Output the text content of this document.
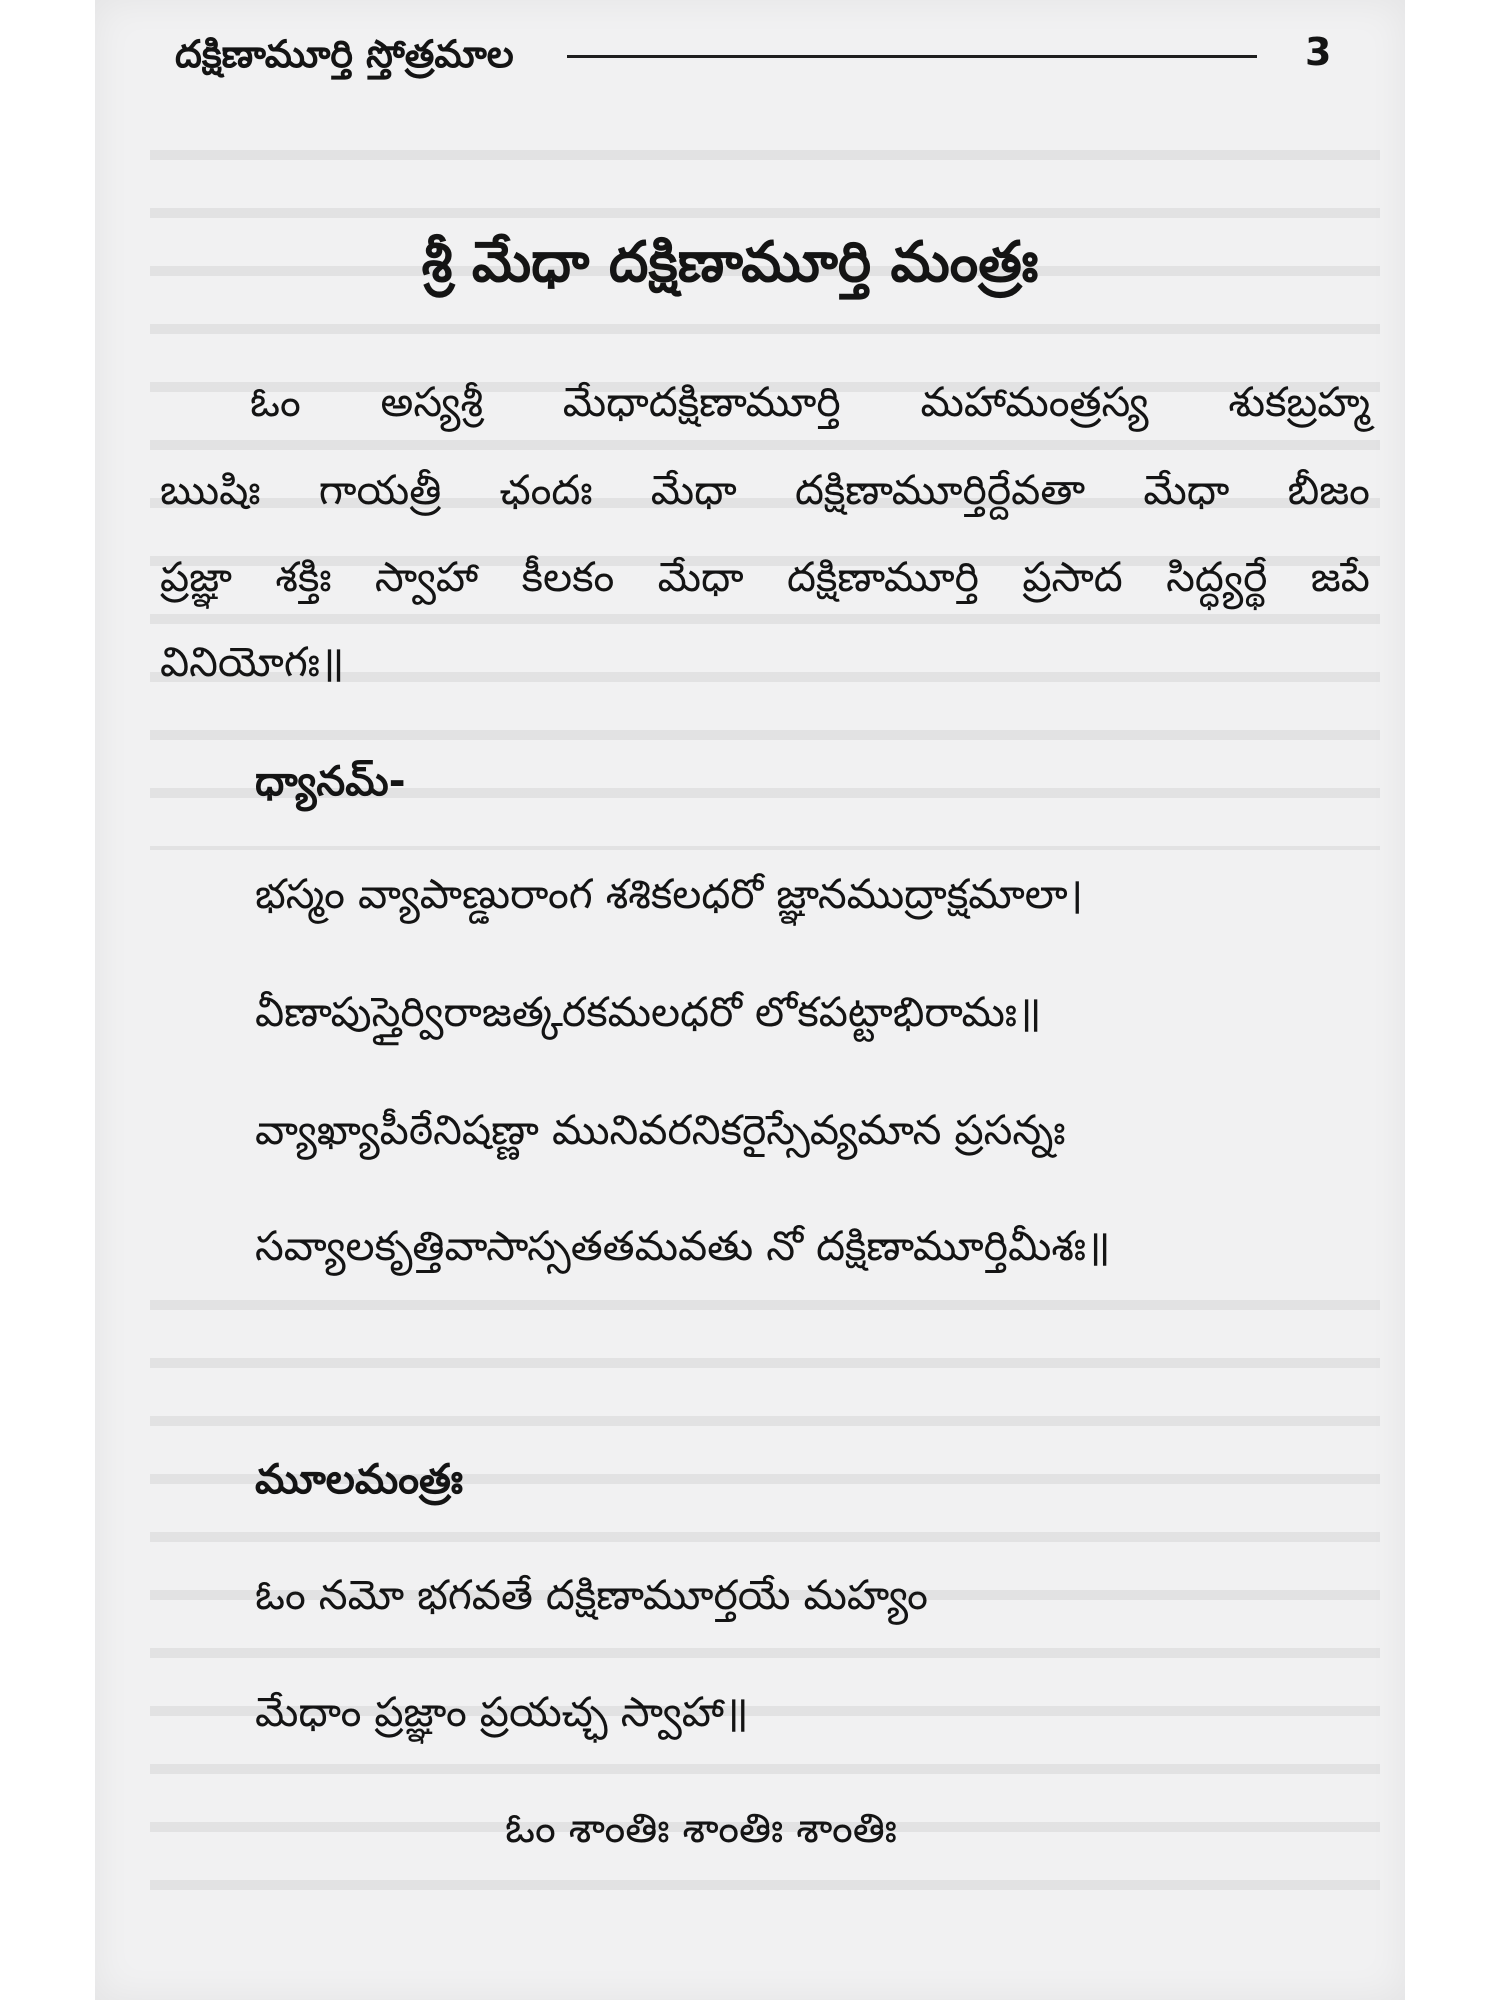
దక్షిణామూర్తి స్తోత్రమాల	3
శ్రీ మేధా దక్షిణామూర్తి మంత్రః
ఓం అస్యశ్రీ మేధాదక్షిణామూర్తి మహామంత్రస్య శుకబ్రహ్మ
ఋషిః గాయత్రీ ఛందః మేధా దక్షిణామూర్తిర్దేవతా మేధా బీజం
ప్రజ్ఞా శక్తిః స్వాహా కీలకం మేధా దక్షిణామూర్తి ప్రసాద సిద్ధ్యర్థే జపే
వినియోగః॥
ధ్యానమ్-
భస్మం వ్యాపాణ్డురాంగ శశికలధరో జ్ఞానముద్రాక్షమాలా।
వీణాపుస్తైర్విరాజత్కరకమలధరో లోకపట్టాభిరామః॥
వ్యాఖ్యాపీఠేనిషణ్ణా మునివరనికరైస్సేవ్యమాన ప్రసన్నః
సవ్యాలకృత్తివాసాస్సతతమవతు నో దక్షిణామూర్తిమీశః॥
మూలమంత్రః
ఓం నమో భగవతే దక్షిణామూర్తయే మహ్యం
మేధాం ప్రజ్ఞాం ప్రయచ్ఛ స్వాహా॥
ఓం శాంతిః శాంతిః శాంతిః
